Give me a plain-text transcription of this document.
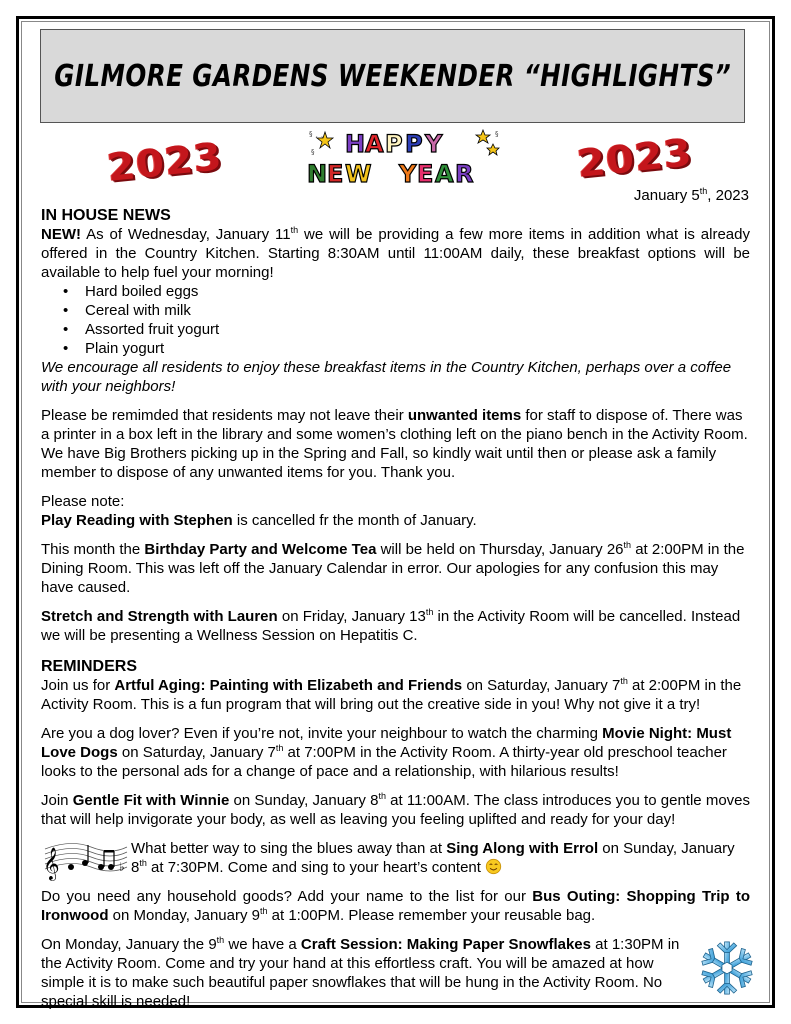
GILMORE GARDENS WEEKENDER “HIGHLIGHTS”
2023
§ ¸ ˛
§
§
H A P P Y
N E W Y E A R	2023
January 5th, 2023
IN HOUSE NEWS
NEW! As of Wednesday, January 11th we will be providing a few more items in addition what is already offered in the Country Kitchen. Starting 8:30AM until 11:00AM daily, these breakfast options will be available to help fuel your morning!
• Hard boiled eggs
• Cereal with milk
• Assorted fruit yogurt
• Plain yogurt

We encourage all residents to enjoy these breakfast items in the Country Kitchen, perhaps over a coffee with your neighbors!

Please be remimded that residents may not leave their unwanted items for staff to dispose of. There was a printer in a box left in the library and some women’s clothing left on the piano bench in the Activity Room. We have Big Brothers picking up in the Spring and Fall, so kindly wait until then or please ask a family member to dispose of any unwanted items for you. Thank you.

Please note:
Play Reading with Stephen is cancelled fr the month of January.

This month the Birthday Party and Welcome Tea will be held on Thursday, January 26th at 2:00PM in the Dining Room. This was left off the January Calendar in error. Our apologies for any confusion this may have caused.

Stretch and Strength with Lauren on Friday, January 13th in the Activity Room will be cancelled. Instead we will be presenting a Wellness Session on Hepatitis C.

REMINDERS

Join us for Artful Aging: Painting with Elizabeth and Friends on Saturday, January 7th at 2:00PM in the Activity Room. This is a fun program that will bring out the creative side in you! Why not give it a try!

Are you a dog lover? Even if you’re not, invite your neighbour to watch the charming Movie Night: Must Love Dogs on Saturday, January 7th at 7:00PM in the Activity Room. A thirty-year old preschool teacher looks to the personal ads for a change of pace and a relationship, with hilarious results!

Join Gentle Fit with Winnie on Sunday, January 8th at 11:00AM. The class introduces you to gentle moves that will help invigorate your body, as well as leaving you feeling uplifted and ready for your day!

𝄞	♭
What better way to sing the blues away than at Sing Along with Errol on Sunday, January 8th at 7:30PM. Come and sing to your heart’s content

Do you need any household goods? Add your name to the list for our Bus Outing: Shopping Trip to Ironwood on Monday, January 9th at 1:00PM. Please remember your reusable bag.

On Monday, January the 9th we have a Craft Session: Making Paper Snowflakes at 1:30PM in the Activity Room. Come and try your hand at this effortless craft. You will be amazed at how simple it is to make such beautiful paper snowflakes that will be hung in the Activity Room. No special skill is needed!
